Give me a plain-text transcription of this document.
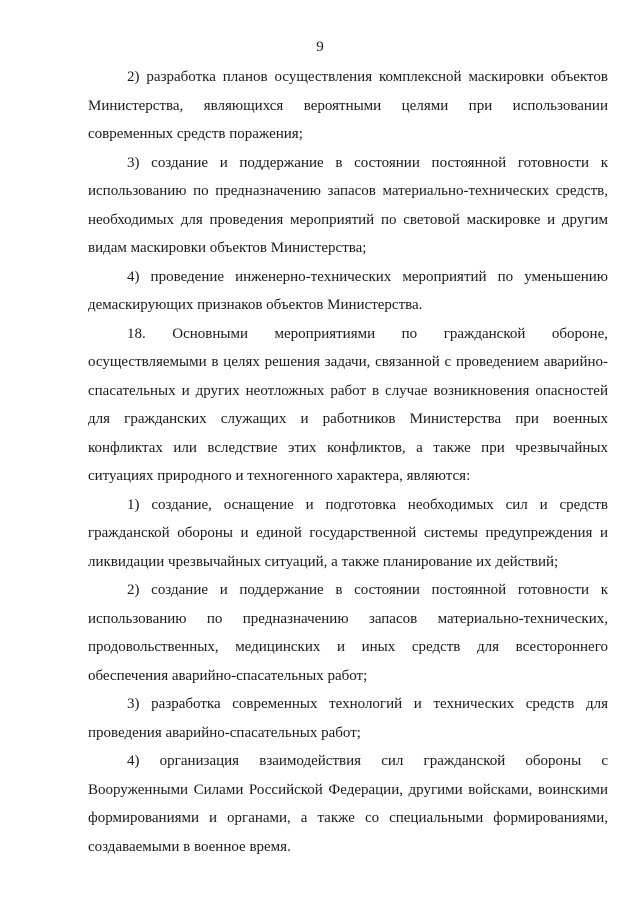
9

2) разработка планов осуществления комплексной маскировки объектов Министерства, являющихся вероятными целями при использовании современных средств поражения;

3) создание и поддержание в состоянии постоянной готовности к использованию по предназначению запасов материально-технических средств, необходимых для проведения мероприятий по световой маскировке и другим видам маскировки объектов Министерства;

4) проведение инженерно-технических мероприятий по уменьшению демаскирующих признаков объектов Министерства.

18. Основными мероприятиями по гражданской обороне, осуществляемыми в целях решения задачи, связанной с проведением аварийно-спасательных и других неотложных работ в случае возникновения опасностей для гражданских служащих и работников Министерства при военных конфликтах или вследствие этих конфликтов, а также при чрезвычайных ситуациях природного и техногенного характера, являются:

1) создание, оснащение и подготовка необходимых сил и средств гражданской обороны и единой государственной системы предупреждения и ликвидации чрезвычайных ситуаций, а также планирование их действий;

2) создание и поддержание в состоянии постоянной готовности к использованию по предназначению запасов материально-технических, продовольственных, медицинских и иных средств для всестороннего обеспечения аварийно-спасательных работ;

3) разработка современных технологий и технических средств для проведения аварийно-спасательных работ;

4) организация взаимодействия сил гражданской обороны с Вооруженными Силами Российской Федерации, другими войсками, воинскими формированиями и органами, а также со специальными формированиями, создаваемыми в военное время.
